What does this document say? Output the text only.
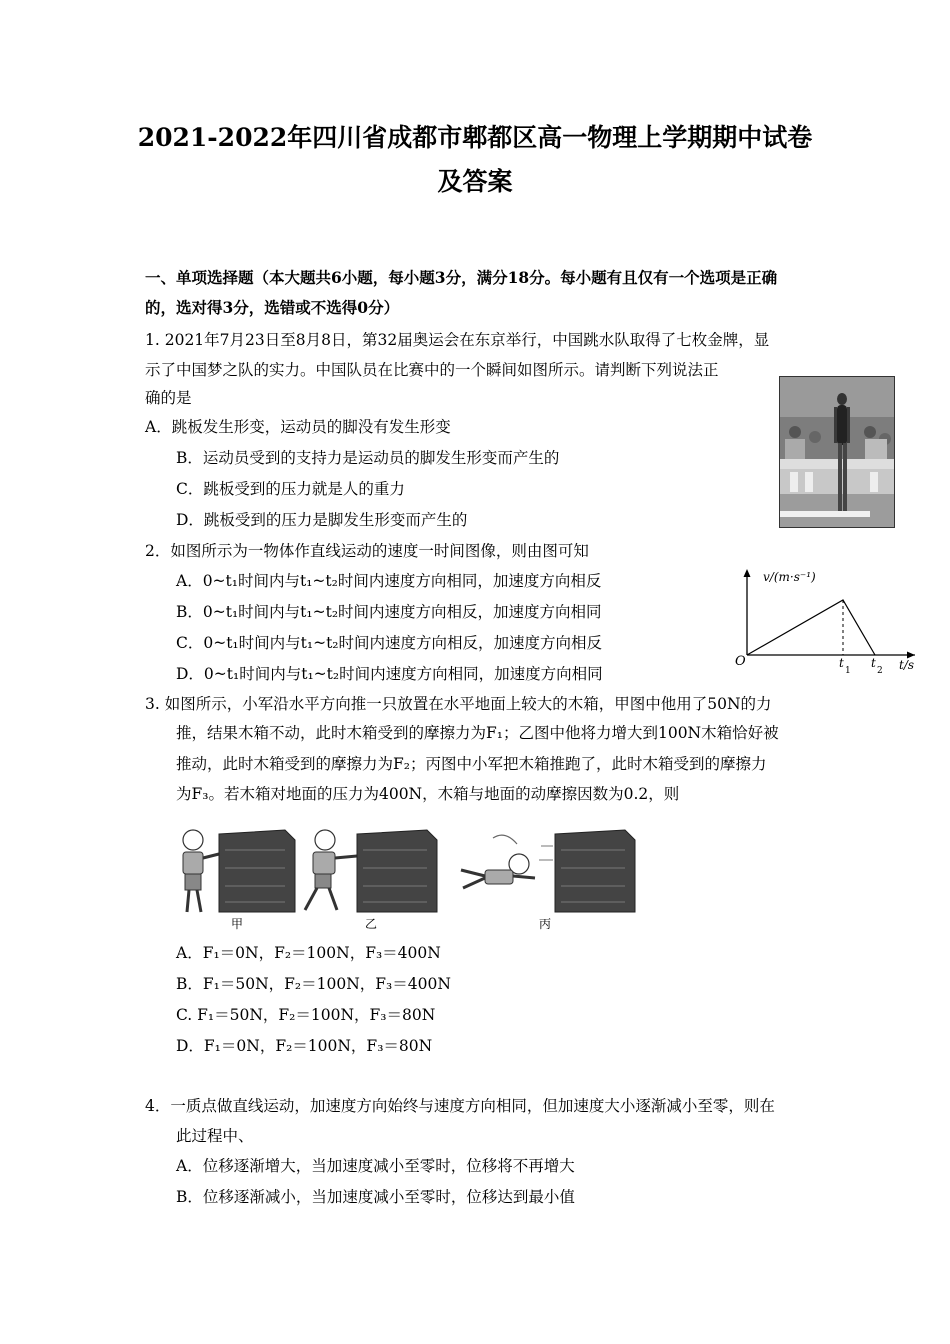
2021-2022年四川省成都市郫都区高一物理上学期期中试卷
及答案
一、单项选择题（本大题共6小题，每小题3分，满分18分。每小题有且仅有一个选项是正确
的，选对得3分，选错或不选得0分）
1. 2021年7月23日至8月8日，第32届奥运会在东京举行，中国跳水队取得了七枚金牌，显
示了中国梦之队的实力。中国队员在比赛中的一个瞬间如图所示。请判断下列说法正
确的是
A．跳板发生形变，运动员的脚没有发生形变
B．运动员受到的支持力是运动员的脚发生形变而产生的
C．跳板受到的压力就是人的重力
D．跳板受到的压力是脚发生形变而产生的
2．如图所示为一物体作直线运动的速度一时间图像，则由图可知
A．0~t₁时间内与t₁~t₂时间内速度方向相同，加速度方向相反
B．0~t₁时间内与t₁~t₂时间内速度方向相反，加速度方向相同
C．0~t₁时间内与t₁~t₂时间内速度方向相反，加速度方向相反
D．0~t₁时间内与t₁~t₂时间内速度方向相同，加速度方向相同
v/(m·s⁻¹)
O	t
1
t
2 t/s
3. 如图所示，小军沿水平方向推一只放置在水平地面上较大的木箱，甲图中他用了50N的力
推，结果木箱不动，此时木箱受到的摩擦力为F₁；乙图中他将力增大到100N木箱恰好被
推动，此时木箱受到的摩擦力为F₂；丙图中小军把木箱推跑了，此时木箱受到的摩擦力
为F₃。若木箱对地面的压力为400N，木箱与地面的动摩擦因数为0.2，则
甲	乙	丙
A．F₁＝0N，F₂＝100N，F₃＝400N
B．F₁＝50N，F₂＝100N，F₃＝400N
C. F₁＝50N，F₂＝100N，F₃＝80N
D．F₁＝0N，F₂＝100N，F₃＝80N
4．一质点做直线运动，加速度方向始终与速度方向相同，但加速度大小逐渐减小至零，则在
此过程中、
A．位移逐渐增大，当加速度减小至零时，位移将不再增大
B．位移逐渐减小，当加速度减小至零时，位移达到最小值
